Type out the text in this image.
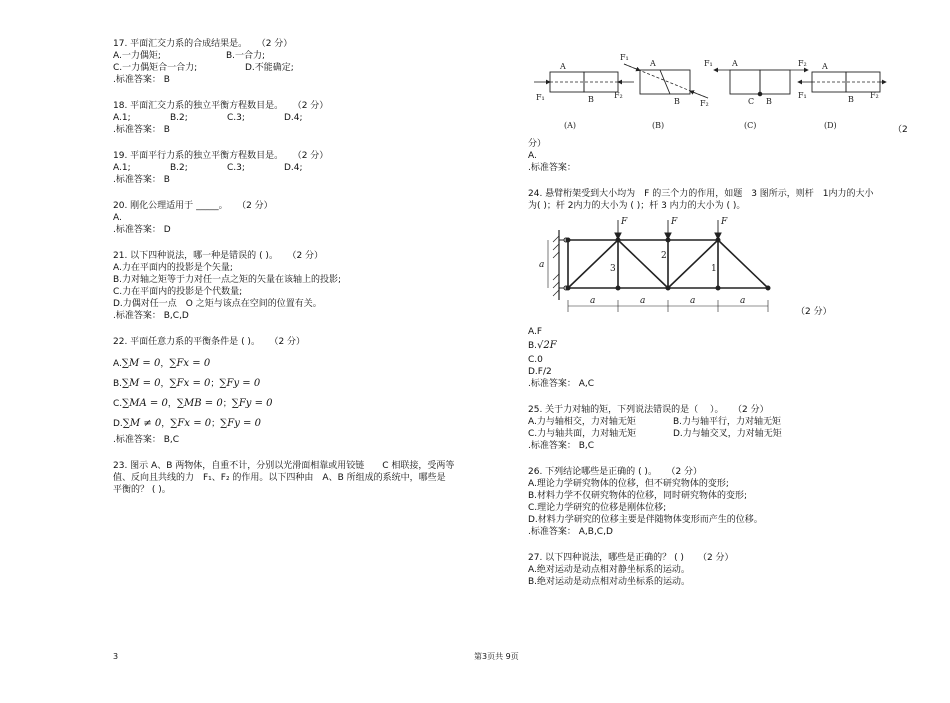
17. 平面汇交力系的合成结果是。 （2 分）
A.一力偶矩;	B.一合力;
C.一力偶矩合一合力;	D.不能确定;
.标准答案： B
18. 平面汇交力系的独立平衡方程数目是。 （2 分）
A.1;	B.2;	C.3;	D.4;
.标准答案： B
19. 平面平行力系的独立平衡方程数目是。 （2 分）
A.1;	B.2;	C.3;	D.4;
.标准答案： B
20. 刚化公理适用于 _____。 （2 分）
A.
.标准答案： D
21. 以下四种说法，哪一种是错误的 ( )。 （2 分）
A.力在平面内的投影是个矢量;
B.力对轴之矩等于力对任一点之矩的矢量在该轴上的投影;
C.力在平面内的投影是个代数量;
D.力偶对任一点　O 之矩与该点在空间的位置有关。
.标准答案： B,C,D
22. 平面任意力系的平衡条件是 ( )。 （2 分）
A.∑M = 0，∑Fx = 0
B.∑M = 0，∑Fx = 0；∑Fy = 0
C.∑MA = 0，∑MB = 0；∑Fy = 0
D.∑M ≠ 0，∑Fx = 0；∑Fy = 0
.标准答案： B,C
23. 图示 A、B 两物体，自重不计，分别以光滑面相靠或用铰链　　C 相联接，受两等
值、反向且共线的力　F₁、F₂ 的作用。以下四种由　A、B 所组成的系统中，哪些是
平衡的？ ( )。
A
B
F₁	F₂
(A)
A
B
F₁
F₂
(B)
A
B
C
F₁	F₂
(C)
A
B
F₁	F₂
(D)	（2
分）
A.
.标准答案：
24. 悬臂桁架受到大小均为　F 的三个力的作用，如题　3 图所示，则杆　1内力的大小
为( )；杆 2内力的大小为 ( )；杆 3 内力的大小为 ( )。
F	F	F
3
2
1
a
a	a	a	a
（2 分）
A.F
B.√2F
C.0
D.F/2
.标准答案： A,C
25. 关于力对轴的矩，下列说法错误的是（　 ）。 （2 分）
A.力与轴相交，力对轴无矩	B.力与轴平行，力对轴无矩
C.力与轴共面，力对轴无矩	D.力与轴交叉，力对轴无矩
.标准答案： B,C
26. 下列结论哪些是正确的 ( )。 （2 分）
A.理论力学研究物体的位移，但不研究物体的变形;
B.材料力学不仅研究物体的位移，同时研究物体的变形;
C.理论力学研究的位移是刚体位移;
D.材料力学研究的位移主要是伴随物体变形而产生的位移。
.标准答案： A,B,C,D
27. 以下四种说法，哪些是正确的？ ( ) （2 分）
A.绝对运动是动点相对静坐标系的运动。
B.绝对运动是动点相对动坐标系的运动。
3	第3页共 9页
